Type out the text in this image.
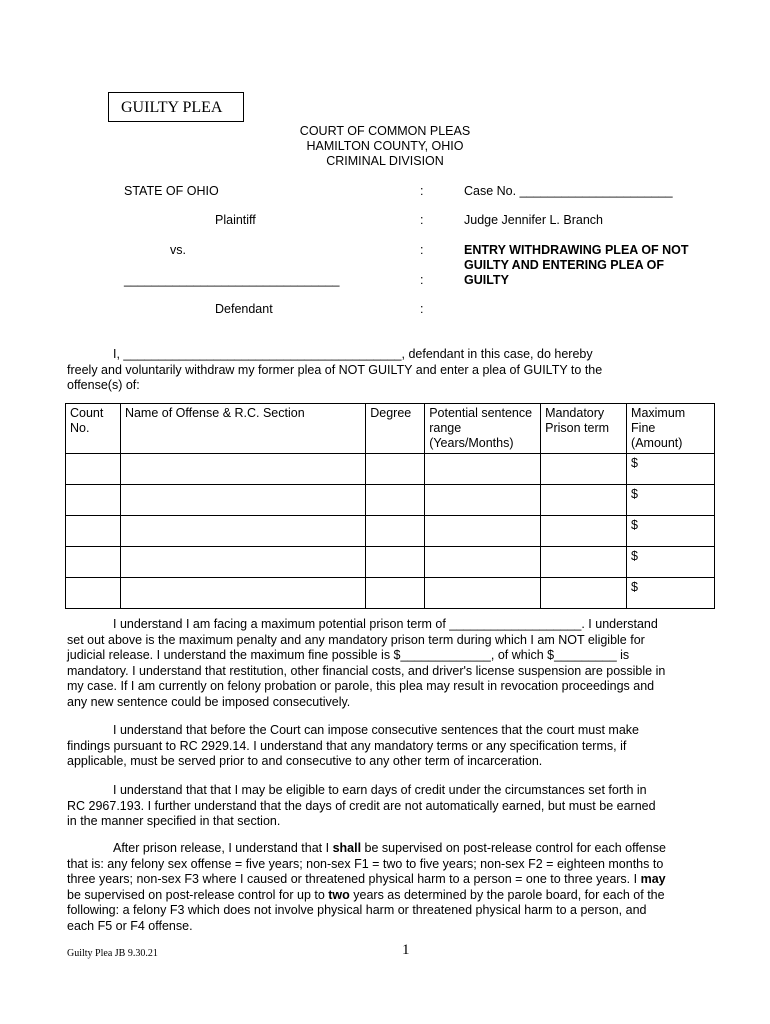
GUILTY PLEA
COURT OF COMMON PLEAS
HAMILTON COUNTY, OHIO
CRIMINAL DIVISION
STATE OF OHIO
Plaintiff
vs.
_______________________________
Defendant
:
:
:
:
:
Case No. ______________________
Judge Jennifer L. Branch
ENTRY WITHDRAWING PLEA OF NOT
GUILTY AND ENTERING PLEA OF
GUILTY
I, ________________________________________, defendant in this case, do hereby
freely and voluntarily withdraw my former plea of NOT GUILTY and enter a plea of GUILTY to the
offense(s) of:
Count No.	Name of Offense & R.C. Section	Degree	Potential sentence range (Years/Months)	Mandatory Prison term	Maximum Fine (Amount)
					$
					$
					$
					$
					$
I understand I am facing a maximum potential prison term of ___________________. I understand set out above is the maximum penalty and any mandatory prison term during which I am NOT eligible for judicial release. I understand the maximum fine possible is $_____________, of which $_________ is mandatory. I understand that restitution, other financial costs, and driver's license suspension are possible in my case. If I am currently on felony probation or parole, this plea may result in revocation proceedings and any new sentence could be imposed consecutively.
I understand that before the Court can impose consecutive sentences that the court must make findings pursuant to RC 2929.14. I understand that any mandatory terms or any specification terms, if applicable, must be served prior to and consecutive to any other term of incarceration.
I understand that that I may be eligible to earn days of credit under the circumstances set forth in RC 2967.193. I further understand that the days of credit are not automatically earned, but must be earned in the manner specified in that section.
After prison release, I understand that I shall be supervised on post-release control for each offense that is: any felony sex offense = five years; non-sex F1 = two to five years; non-sex F2 = eighteen months to three years; non-sex F3 where I caused or threatened physical harm to a person = one to three years. I may be supervised on post-release control for up to two years as determined by the parole board, for each of the following: a felony F3 which does not involve physical harm or threatened physical harm to a person, and each F5 or F4 offense.
Guilty Plea JB 9.30.21	1
